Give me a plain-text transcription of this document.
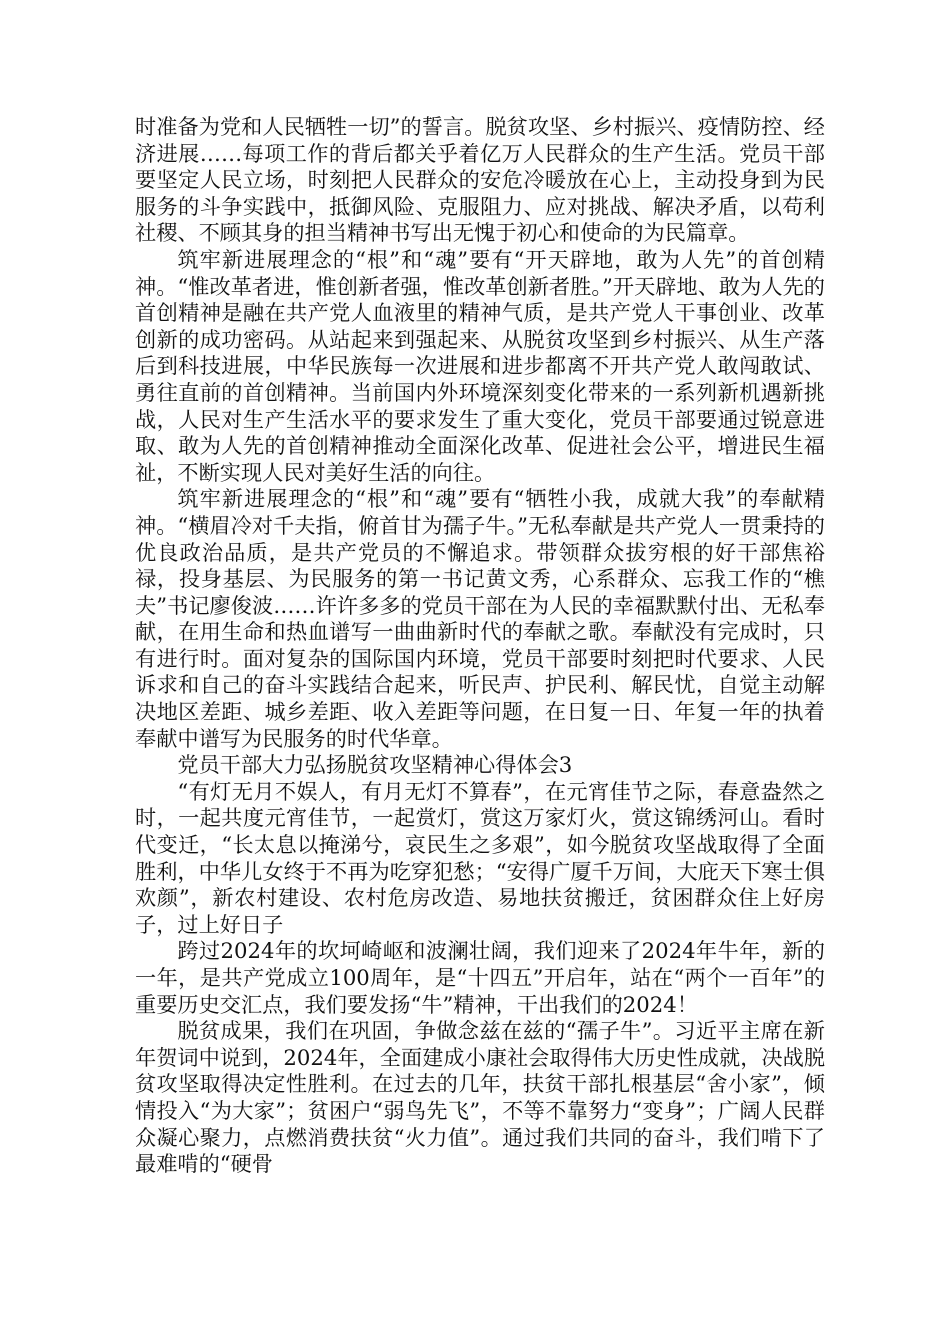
时准备为党和人民牺牲一切”的誓言。脱贫攻坚、乡村振兴、疫情防控、经济进展……每项工作的背后都关乎着亿万人民群众的生产生活。党员干部要坚定人民立场，时刻把人民群众的安危冷暖放在心上，主动投身到为民服务的斗争实践中，抵御风险、克服阻力、应对挑战、解决矛盾，以苟利社稷、不顾其身的担当精神书写出无愧于初心和使命的为民篇章。

筑牢新进展理念的“根”和“魂”要有“开天辟地，敢为人先”的首创精神。“惟改革者进，惟创新者强，惟改革创新者胜。”开天辟地、敢为人先的首创精神是融在共产党人血液里的精神气质，是共产党人干事创业、改革创新的成功密码。从站起来到强起来、从脱贫攻坚到乡村振兴、从生产落后到科技进展，中华民族每一次进展和进步都离不开共产党人敢闯敢试、勇往直前的首创精神。当前国内外环境深刻变化带来的一系列新机遇新挑战，人民对生产生活水平的要求发生了重大变化，党员干部要通过锐意进取、敢为人先的首创精神推动全面深化改革、促进社会公平，增进民生福祉，不断实现人民对美好生活的向往。

筑牢新进展理念的“根”和“魂”要有“牺牲小我，成就大我”的奉献精神。“横眉冷对千夫指，俯首甘为孺子牛。”无私奉献是共产党人一贯秉持的优良政治品质，是共产党员的不懈追求。带领群众拔穷根的好干部焦裕禄，投身基层、为民服务的第一书记黄文秀，心系群众、忘我工作的“樵夫”书记廖俊波……许许多多的党员干部在为人民的幸福默默付出、无私奉献，在用生命和热血谱写一曲曲新时代的奉献之歌。奉献没有完成时，只有进行时。面对复杂的国际国内环境，党员干部要时刻把时代要求、人民诉求和自己的奋斗实践结合起来，听民声、护民利、解民忧，自觉主动解决地区差距、城乡差距、收入差距等问题，在日复一日、年复一年的执着奉献中谱写为民服务的时代华章。

党员干部大力弘扬脱贫攻坚精神心得体会3

“有灯无月不娱人，有月无灯不算春”，在元宵佳节之际，春意盎然之时，一起共度元宵佳节，一起赏灯，赏这万家灯火，赏这锦绣河山。看时代变迁，“长太息以掩涕兮，哀民生之多艰”，如今脱贫攻坚战取得了全面胜利，中华儿女终于不再为吃穿犯愁；“安得广厦千万间，大庇天下寒士俱欢颜”，新农村建设、农村危房改造、易地扶贫搬迁，贫困群众住上好房子，过上好日子

跨过2024年的坎坷崎岖和波澜壮阔，我们迎来了2024年牛年，新的一年，是共产党成立100周年，是“十四五”开启年，站在“两个一百年”的重要历史交汇点，我们要发扬“牛”精神，干出我们的2024！

脱贫成果，我们在巩固，争做念兹在兹的“孺子牛”。习近平主席在新年贺词中说到，2024年，全面建成小康社会取得伟大历史性成就，决战脱贫攻坚取得决定性胜利。在过去的几年，扶贫干部扎根基层“舍小家”，倾情投入“为大家”；贫困户“弱鸟先飞”，不等不靠努力“变身”；广阔人民群众凝心聚力，点燃消费扶贫“火力值”。通过我们共同的奋斗，我们啃下了最难啃的“硬骨
